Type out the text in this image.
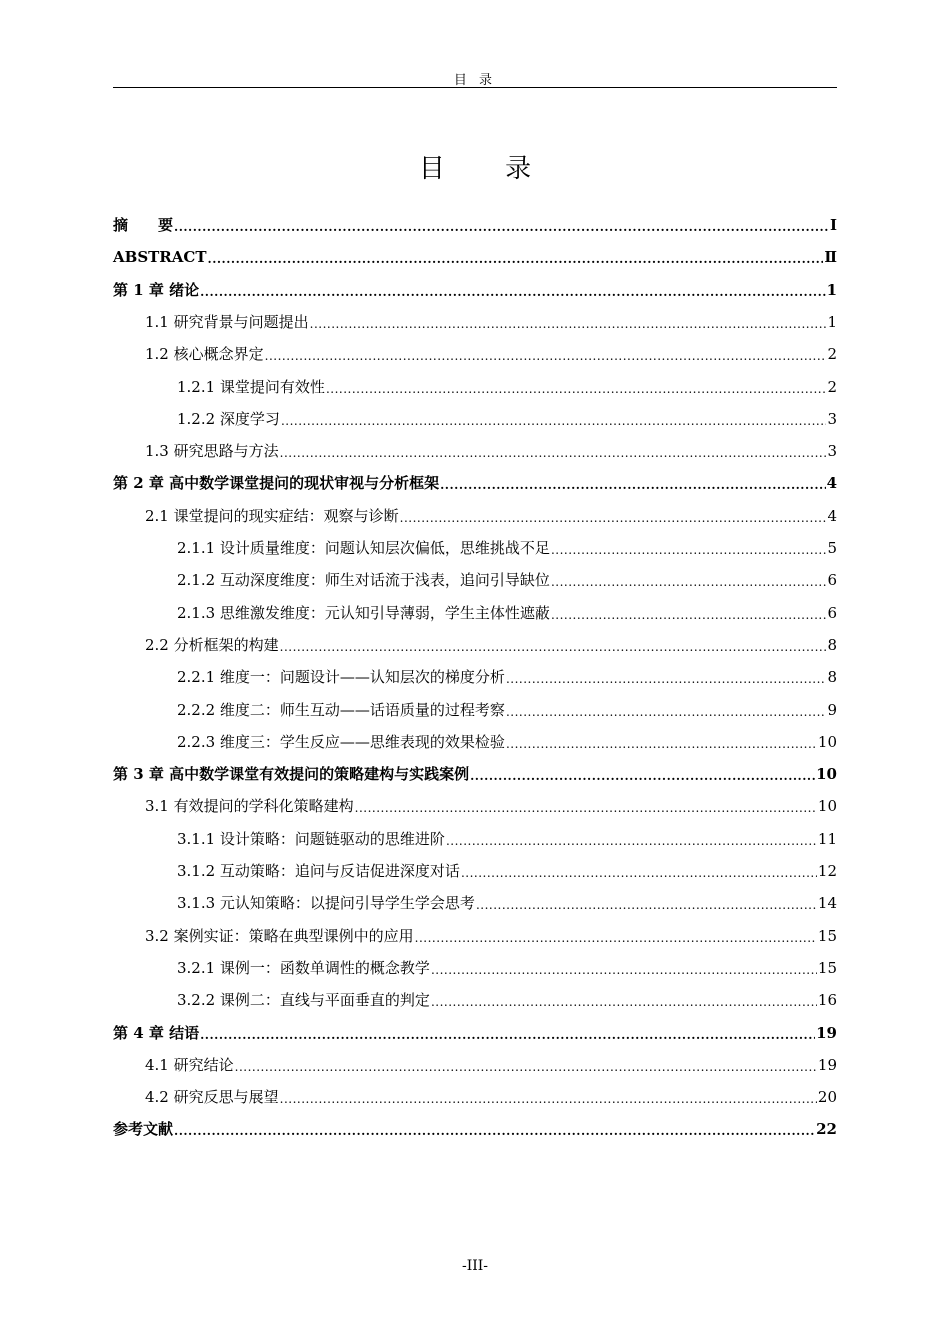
目 录
目 录
摘　　要 .....	Ⅰ
ABSTRACT .....	Ⅱ
第 1 章 绪论 .....	1
1.1 研究背景与问题提出 .....	1
1.2 核心概念界定 .....	2
1.2.1 课堂提问有效性 .....	2
1.2.2 深度学习 .....	3
1.3 研究思路与方法 .....	3
第 2 章 高中数学课堂提问的现状审视与分析框架 .....	4
2.1 课堂提问的现实症结：观察与诊断 .....	4
2.1.1 设计质量维度：问题认知层次偏低，思维挑战不足 .....	5
2.1.2 互动深度维度：师生对话流于浅表，追问引导缺位 .....	6
2.1.3 思维激发维度：元认知引导薄弱，学生主体性遮蔽 .....	6
2.2 分析框架的构建 .....	8
2.2.1 维度一：问题设计——认知层次的梯度分析 .....	8
2.2.2 维度二：师生互动——话语质量的过程考察 .....	9
2.2.3 维度三：学生反应——思维表现的效果检验 .....	10
第 3 章 高中数学课堂有效提问的策略建构与实践案例 .....	10
3.1 有效提问的学科化策略建构 .....	10
3.1.1 设计策略：问题链驱动的思维进阶 .....	11
3.1.2 互动策略：追问与反诘促进深度对话 .....	12
3.1.3 元认知策略：以提问引导学生学会思考 .....	14
3.2 案例实证：策略在典型课例中的应用 .....	15
3.2.1 课例一：函数单调性的概念教学 .....	15
3.2.2 课例二：直线与平面垂直的判定 .....	16
第 4 章 结语 .....	19
4.1 研究结论 .....	19
4.2 研究反思与展望 .....	20
参考文献 .....	22
-III-
